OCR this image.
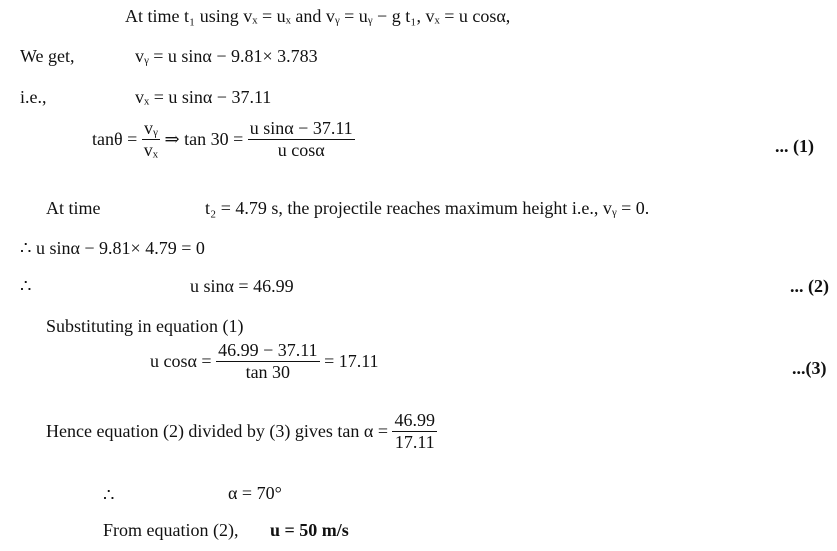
At time t₁ using vₓ = uₓ and vᵧ = uᵧ − g t₁, vₓ = u cosα,
We get,	vᵧ = u sinα − 9.81× 3.783
i.e.,	vₓ = u sinα − 37.11
$\tan\theta = \frac{\text{vᵧ}}{\text{vₓ}}$ ⇒ $\tan 30 = \frac{\text{u sinα − 37.11}}{\text{u cosα}}$	... (1)
At time	t₂ = 4.79 s, the projectile reaches maximum height i.e., vᵧ = 0.
∴ u sinα − 9.81× 4.79 = 0
∴	u sinα = 46.99	... (2)
Substituting in equation (1)
u $\cos\alpha = \frac{46.99 - 37.11}{\tan 30} = 17.11$	...(3)
Hence equation (2) divided by (3) gives $\tan \alpha = \frac{46.99}{17.11}$
∴	α = 70°
From equation (2), u = 50 m/s
